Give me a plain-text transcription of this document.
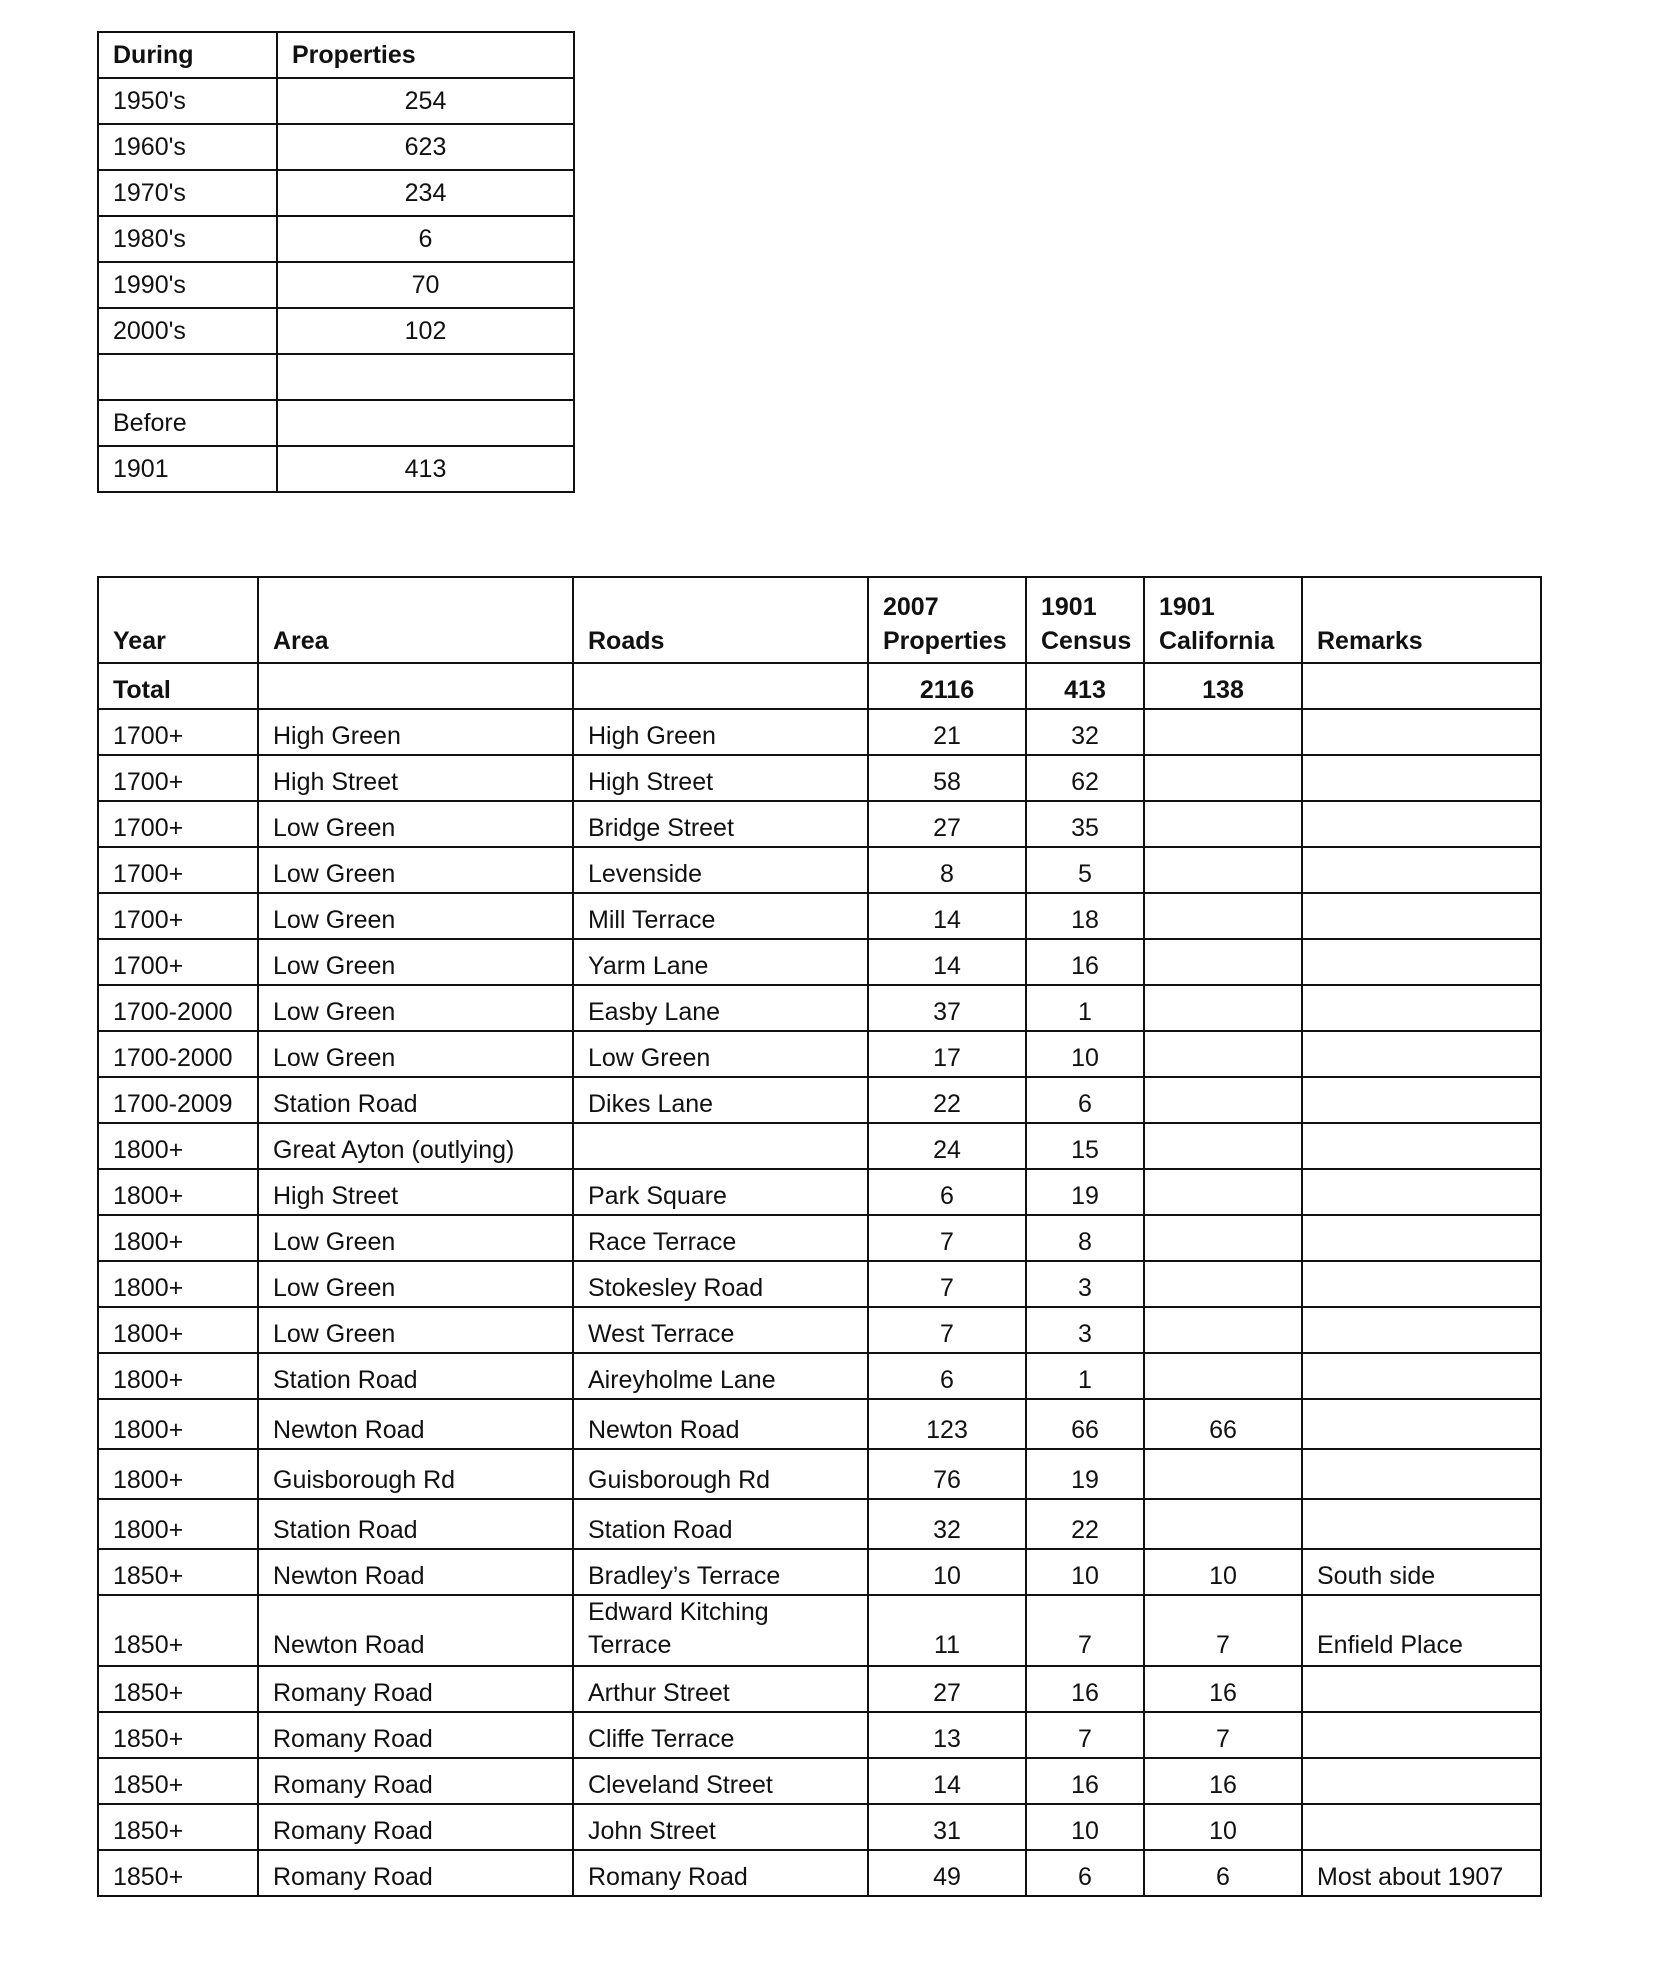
During	Properties
1950's	254
1960's	623
1970's	234
1980's	6
1990's	70
2000's	102

Before	
1901	413
Year	Area	Roads	2007 Properties	1901 Census	1901 California	Remarks
Total			2116	413	138	
1700+	High Green	High Green	21	32		
1700+	High Street	High Street	58	62		
1700+	Low Green	Bridge Street	27	35		
1700+	Low Green	Levenside	8	5		
1700+	Low Green	Mill Terrace	14	18		
1700+	Low Green	Yarm Lane	14	16		
1700-2000	Low Green	Easby Lane	37	1		
1700-2000	Low Green	Low Green	17	10		
1700-2009	Station Road	Dikes Lane	22	6		
1800+	Great Ayton (outlying)		24	15		
1800+	High Street	Park Square	6	19		
1800+	Low Green	Race Terrace	7	8		
1800+	Low Green	Stokesley Road	7	3		
1800+	Low Green	West Terrace	7	3		
1800+	Station Road	Aireyholme Lane	6	1		
1800+	Newton Road	Newton Road	123	66	66	
1800+	Guisborough Rd	Guisborough Rd	76	19		
1800+	Station Road	Station Road	32	22		
1850+	Newton Road	Bradley’s Terrace	10	10	10	South side
1850+	Newton Road	Edward Kitching Terrace	11	7	7	Enfield Place
1850+	Romany Road	Arthur Street	27	16	16	
1850+	Romany Road	Cliffe Terrace	13	7	7	
1850+	Romany Road	Cleveland Street	14	16	16	
1850+	Romany Road	John Street	31	10	10	
1850+	Romany Road	Romany Road	49	6	6	Most about 1907
